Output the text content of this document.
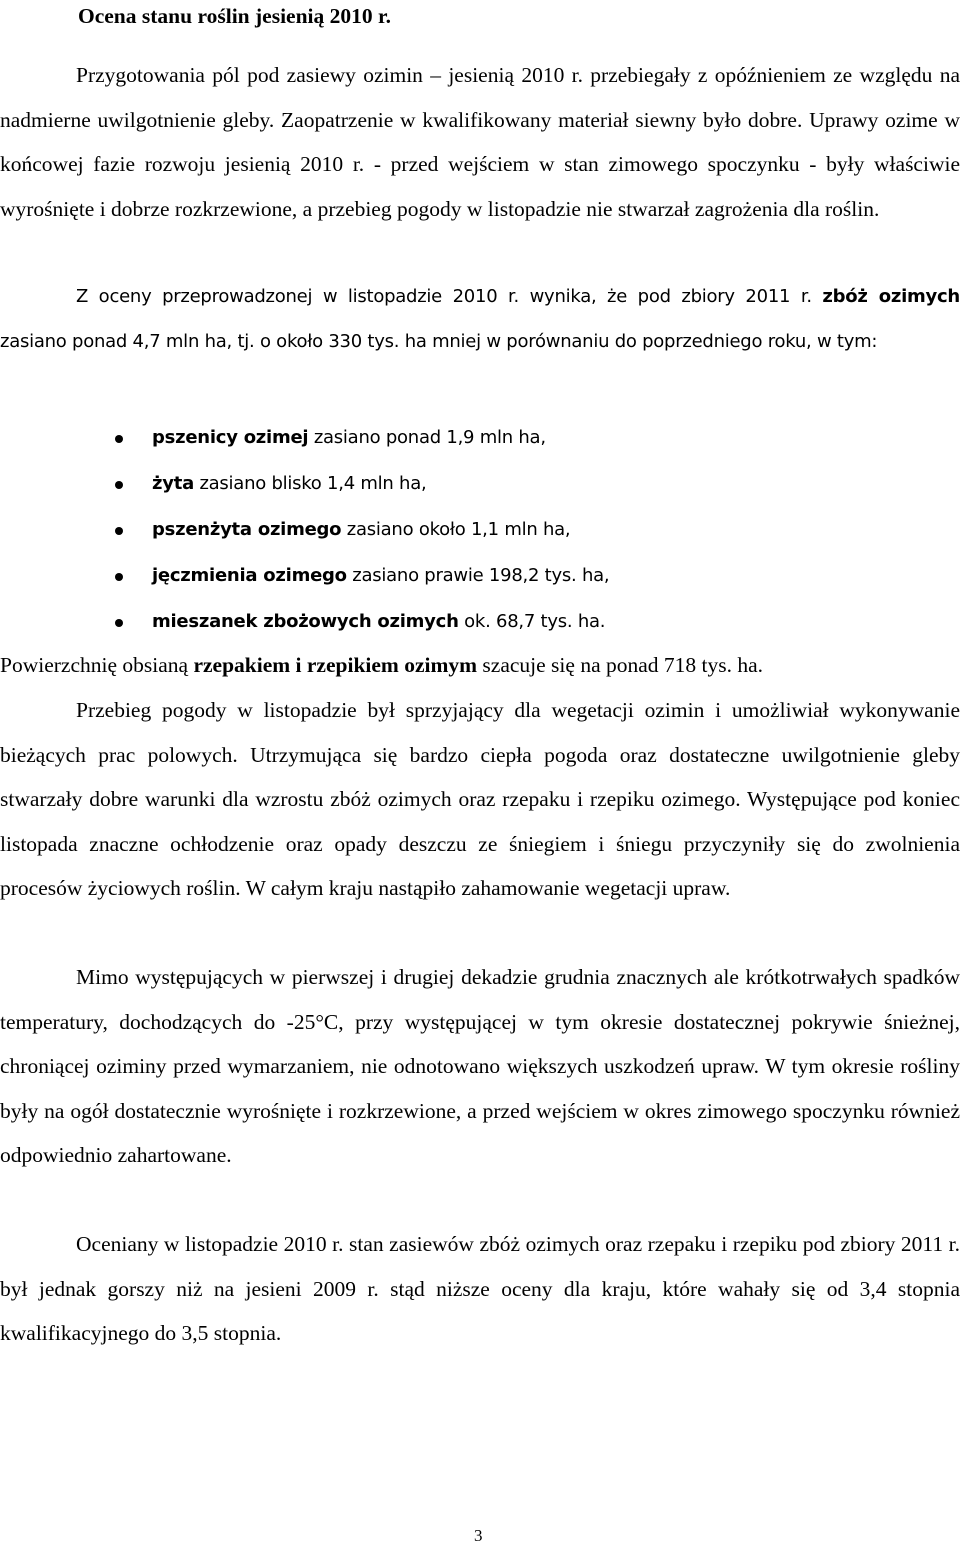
Ocena stanu roślin jesienią 2010 r.

Przygotowania pól pod zasiewy ozimin – jesienią 2010 r. przebiegały z opóźnieniem ze względu na nadmierne uwilgotnienie gleby. Zaopatrzenie w kwalifikowany materiał siewny było dobre. Uprawy ozime w końcowej fazie rozwoju jesienią 2010 r. - przed wejściem w stan zimowego spoczynku - były właściwie wyrośnięte i dobrze rozkrzewione, a przebieg pogody w listopadzie nie stwarzał zagrożenia dla roślin.

Z oceny przeprowadzonej w listopadzie 2010 r. wynika, że pod zbiory 2011 r. zbóż ozimych zasiano ponad 4,7 mln ha, tj. o około 330 tys. ha mniej w porównaniu do poprzedniego roku, w tym:

pszenicy ozimej zasiano ponad 1,9 mln ha,
żyta zasiano blisko 1,4 mln ha,
pszenżyta ozimego zasiano około 1,1 mln ha,
jęczmienia ozimego zasiano prawie 198,2 tys. ha,
mieszanek zbożowych ozimych ok. 68,7 tys. ha.

Powierzchnię obsianą rzepakiem i rzepikiem ozimym szacuje się na ponad 718 tys. ha.

Przebieg pogody w listopadzie był sprzyjający dla wegetacji ozimin i umożliwiał wykonywanie bieżących prac polowych. Utrzymująca się bardzo ciepła pogoda oraz dostateczne uwilgotnienie gleby stwarzały dobre warunki dla wzrostu zbóż ozimych oraz rzepaku i rzepiku ozimego. Występujące pod koniec listopada znaczne ochłodzenie oraz opady deszczu ze śniegiem i śniegu przyczyniły się do zwolnienia procesów życiowych roślin. W całym kraju nastąpiło zahamowanie wegetacji upraw.

Mimo występujących w pierwszej i drugiej dekadzie grudnia znacznych ale krótkotrwałych spadków temperatury, dochodzących do -25°C, przy występującej w tym okresie dostatecznej pokrywie śnieżnej, chroniącej oziminy przed wymarzaniem, nie odnotowano większych uszkodzeń upraw. W tym okresie rośliny były na ogół dostatecznie wyrośnięte i rozkrzewione, a przed wejściem w okres zimowego spoczynku również odpowiednio zahartowane.

Oceniany w listopadzie 2010 r. stan zasiewów zbóż ozimych oraz rzepaku i rzepiku pod zbiory 2011 r. był jednak gorszy niż na jesieni 2009 r. stąd niższe oceny dla kraju, które wahały się od 3,4 stopnia kwalifikacyjnego do 3,5 stopnia.

3
